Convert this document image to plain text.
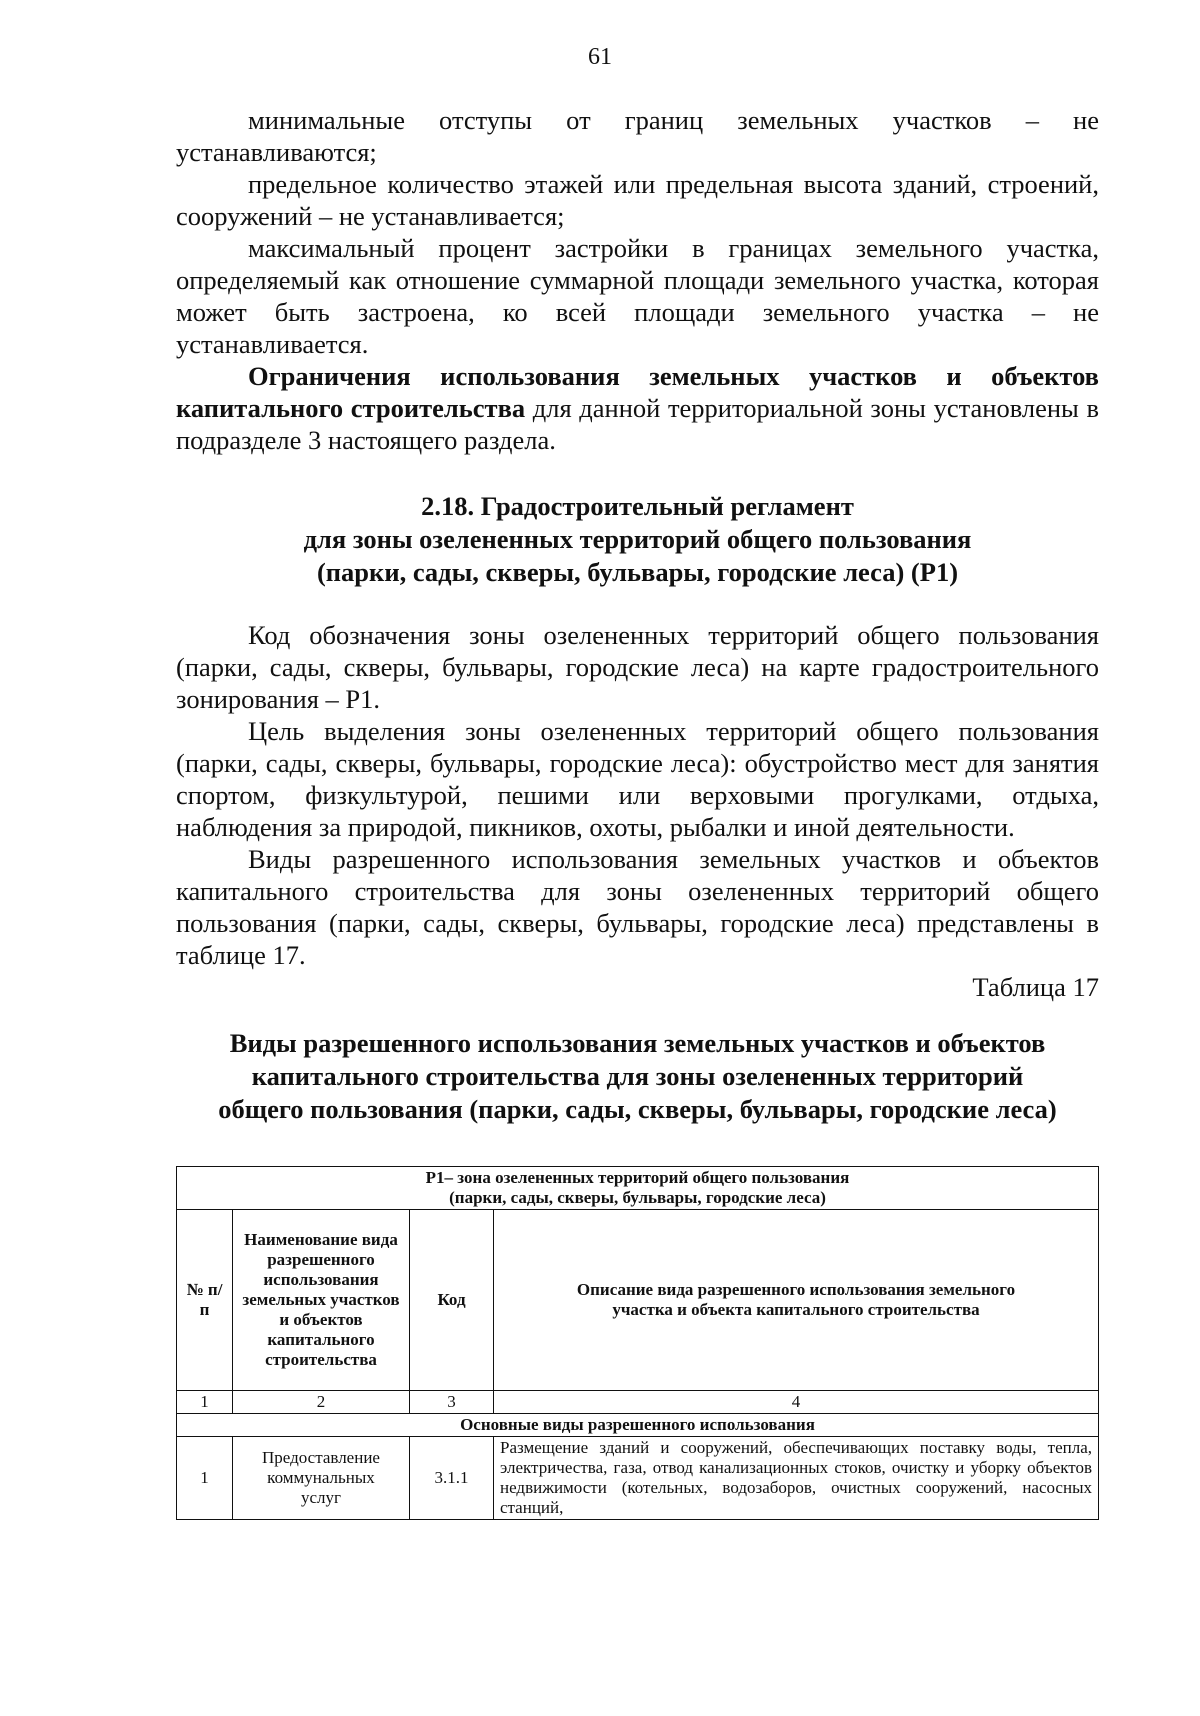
61

минимальные отступы от границ земельных участков – не устанавливаются;

предельное количество этажей или предельная высота зданий, строений, сооружений – не устанавливается;

максимальный процент застройки в границах земельного участка, определяемый как отношение суммарной площади земельного участка, которая может быть застроена, ко всей площади земельного участка – не устанавливается.

Ограничения использования земельных участков и объектов капитального строительства для данной территориальной зоны установлены в подразделе 3 настоящего раздела.

2.18. Градостроительный регламент
для зоны озелененных территорий общего пользования
(парки, сады, скверы, бульвары, городские леса) (Р1)

Код обозначения зоны озелененных территорий общего пользования (парки, сады, скверы, бульвары, городские леса) на карте градостроительного зонирования – Р1.

Цель выделения зоны озелененных территорий общего пользования (парки, сады, скверы, бульвары, городские леса): обустройство мест для занятия спортом, физкультурой, пешими или верховыми прогулками, отдыха, наблюдения за природой, пикников, охоты, рыбалки и иной деятельности.

Виды разрешенного использования земельных участков и объектов капитального строительства для зоны озелененных территорий общего пользования (парки, сады, скверы, бульвары, городские леса) представлены в таблице 17.

Таблица 17
Виды разрешенного использования земельных участков и объектов
капитального строительства для зоны озелененных территорий
общего пользования (парки, сады, скверы, бульвары, городские леса)
Р1– зона озелененных территорий общего пользования
(парки, сады, скверы, бульвары, городские леса)			

№ п/п	Наименование вида разрешенного использования земельных участков и объектов капитального строительства	Код	Описание вида разрешенного использования земельного участка и объекта капитального строительства
1	2	3	4
Основные виды разрешенного использования			
1	Предоставление коммунальных услуг	3.1.1	Размещение зданий и сооружений, обеспечивающих поставку воды, тепла, электричества, газа, отвод канализационных стоков, очистку и уборку объектов недвижимости (котельных, водозаборов, очистных сооружений, насосных станций,
